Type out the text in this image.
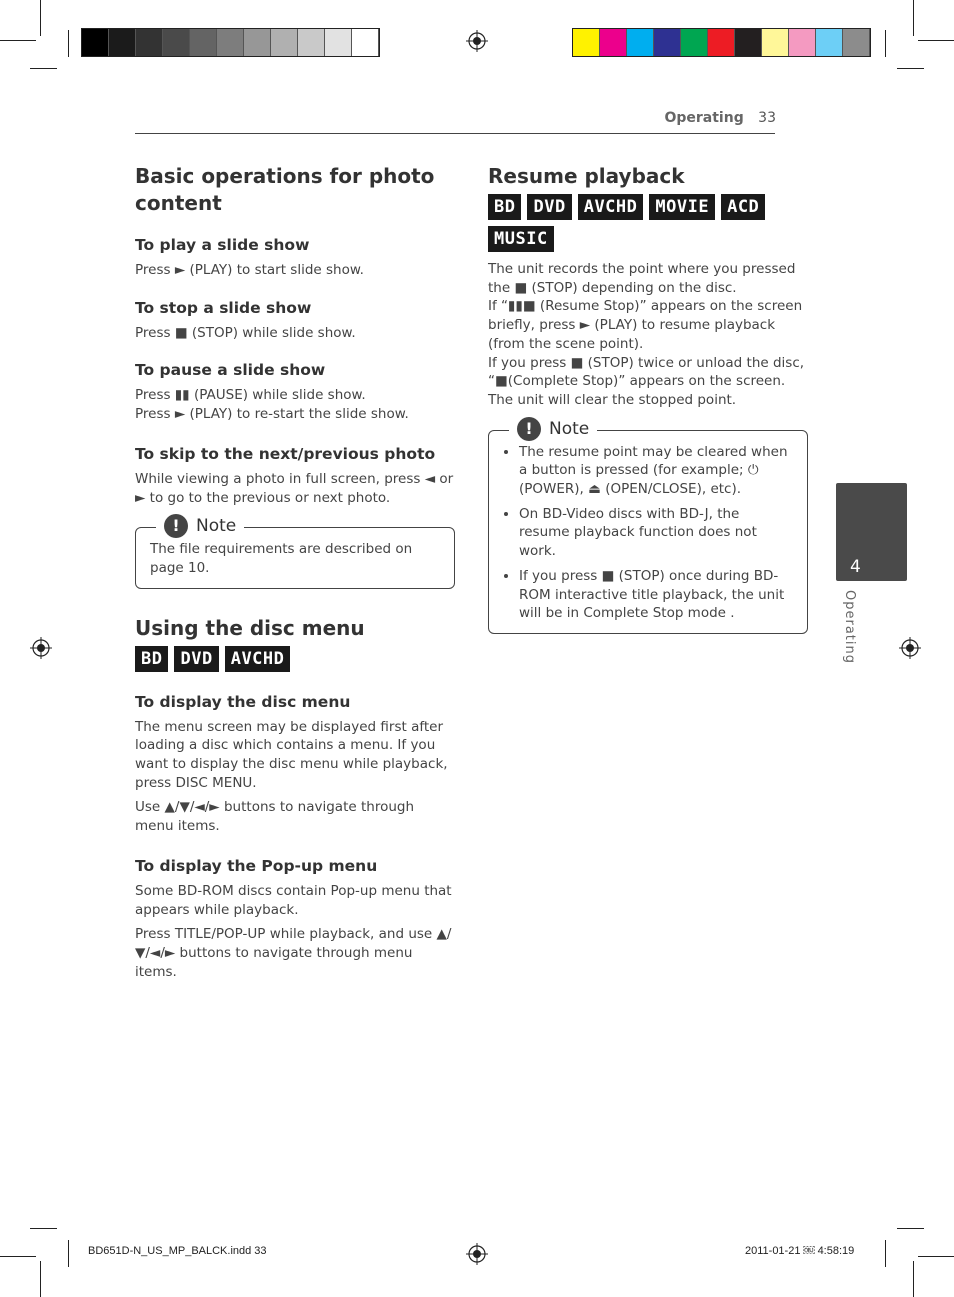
Operating 33
4
Operating
Basic operations for photo content
To play a slide show

Press ► (PLAY) to start slide show.

To stop a slide show

Press ■ (STOP) while slide show.

To pause a slide show

Press ▮▮ (PAUSE) while slide show.

Press ► (PLAY) to re-start the slide show.

To skip to the next/previous photo

While viewing a photo in full screen, press ◄ or ► to go to the previous or next photo.

! Note

The file requirements are described on page 10.

Using the disc menu
BD	DVD	AVCHD
To display the disc menu

The menu screen may be displayed first after loading a disc which contains a menu. If you want to display the disc menu while playback, press DISC MENU.

Use ▲/▼/◄/► buttons to navigate through menu items.

To display the Pop-up menu

Some BD-ROM discs contain Pop-up menu that appears while playback.

Press TITLE/POP-UP while playback, and use ▲/▼/◄/► buttons to navigate through menu items.

Resume playback
BD	DVD	AVCHD	MOVIE	ACD
MUSIC

The unit records the point where you pressed the ■ (STOP) depending on the disc.

If “▮▮■ (Resume Stop)” appears on the screen briefly, press ► (PLAY) to resume playback (from the scene point).

If you press ■ (STOP) twice or unload the disc, “■(Complete Stop)” appears on the screen. The unit will clear the stopped point.

! Note
• The resume point may be cleared when a button is pressed (for example; ⏻ (POWER), ⏏ (OPEN/CLOSE), etc).
• On BD-Video discs with BD-J, the resume playback function does not work.
• If you press ■ (STOP) once during BD-ROM interactive title playback, the unit will be in Complete Stop mode .
BD651D-N_US_MP_BALCK.indd 33	2011-01-21 ￼ 4:58:19
